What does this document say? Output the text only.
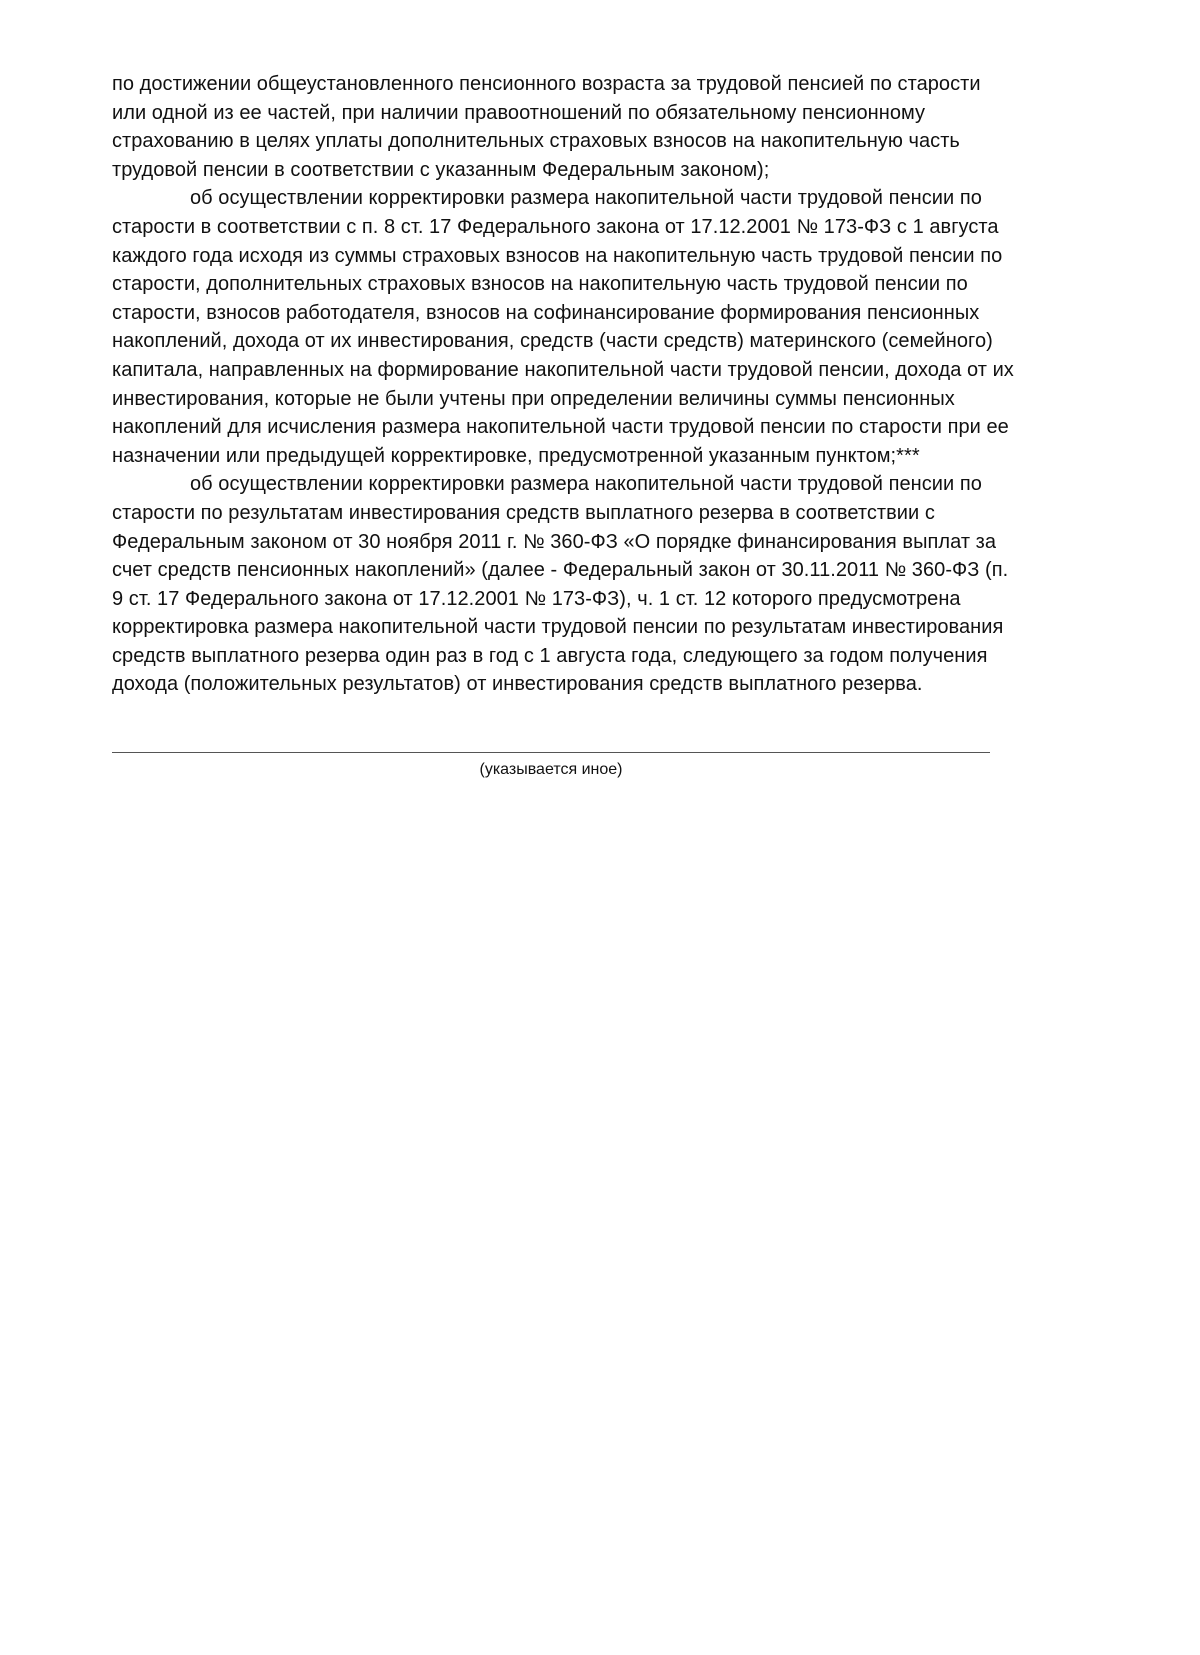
по достижении общеустановленного пенсионного возраста за трудовой пенсией по старости
или одной из ее частей, при наличии правоотношений по обязательному пенсионному
страхованию в целях уплаты дополнительных страховых взносов на накопительную часть
трудовой пенсии в соответствии с указанным Федеральным законом);
об осуществлении корректировки размера накопительной части трудовой пенсии по
старости в соответствии с п. 8 ст. 17 Федерального закона от 17.12.2001 № 173-ФЗ с 1 августа
каждого года исходя из суммы страховых взносов на накопительную часть трудовой пенсии по
старости, дополнительных страховых взносов на накопительную часть трудовой пенсии по
старости, взносов работодателя, взносов на софинансирование формирования пенсионных
накоплений, дохода от их инвестирования, средств (части средств) материнского (семейного)
капитала, направленных на формирование накопительной части трудовой пенсии, дохода от их
инвестирования, которые не были учтены при определении величины суммы пенсионных
накоплений для исчисления размера накопительной части трудовой пенсии по старости при ее
назначении или предыдущей корректировке, предусмотренной указанным пунктом;***
об осуществлении корректировки размера накопительной части трудовой пенсии по
старости по результатам инвестирования средств выплатного резерва в соответствии с
Федеральным законом от 30 ноября 2011 г. № 360-ФЗ «О порядке финансирования выплат за
счет средств пенсионных накоплений» (далее - Федеральный закон от 30.11.2011 № 360-ФЗ (п.
9 ст. 17 Федерального закона от 17.12.2001 № 173-ФЗ), ч. 1 ст. 12 которого предусмотрена
корректировка размера накопительной части трудовой пенсии по результатам инвестирования
средств выплатного резерва один раз в год с 1 августа года, следующего за годом получения
дохода (положительных результатов) от инвестирования средств выплатного резерва.
(указывается иное)
